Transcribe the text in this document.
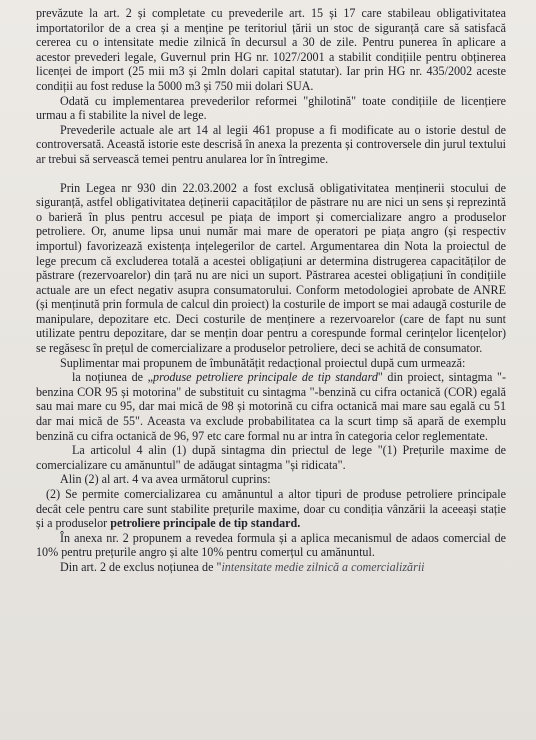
prevăzute la art. 2 și completate cu prevederile art. 15 și 17 care stabileau obligativitatea importatorilor de a crea și a menține pe teritoriul țării un stoc de siguranță care să satisfacă cererea cu o intensitate medie zilnică în decursul a 30 de zile. Pentru punerea în aplicare a acestor prevederi legale, Guvernul prin HG nr. 1027/2001 a stabilit condițiile pentru obținerea licenței de import (25 mii m3 și 2mln dolari capital statutar). Iar prin HG nr. 435/2002 aceste condiții au fost reduse la 5000 m3 și 750 mii dolari SUA.

Odată cu implementarea prevederilor reformei "ghilotină" toate condițiile de licențiere urmau a fi stabilite la nivel de lege.

Prevederile actuale ale art 14 al legii 461 propuse a fi modificate au o istorie destul de controversată. Această istorie este descrisă în anexa la prezenta și controversele din jurul textului ar trebui să servească temei pentru anularea lor în întregime.

Prin Legea nr 930 din 22.03.2002 a fost exclusă obligativitatea menținerii stocului de siguranță, astfel obligativitatea deținerii capacităților de păstrare nu are nici un sens și reprezintă o barieră în plus pentru accesul pe piața de import și comercializare angro a produselor petroliere. Or, anume lipsa unui număr mai mare de operatori pe piața angro (și respectiv importul) favorizează existența ințelegerilor de cartel. Argumentarea din Nota la proiectul de lege precum că excluderea totală a acestei obligațiuni ar determina distrugerea capacităților de păstrare (rezervoarelor) din țară nu are nici un suport. Păstrarea acestei obligațiuni în condițiile actuale are un efect negativ asupra consumatorului. Conform metodologiei aprobate de ANRE (și menținută prin formula de calcul din proiect) la costurile de import se mai adaugă costurile de manipulare, depozitare etc. Deci costurile de menținere a rezervoarelor (care de fapt nu sunt utilizate pentru depozitare, dar se mențin doar pentru a corespunde formal cerințelor licențelor) se regăsesc în prețul de comercializare a produselor petroliere, deci se achită de consumator.

Suplimentar mai propunem de îmbunătățit redacțional proiectul după cum urmează:

la noțiunea de „produse petroliere principale de tip standard" din proiect, sintagma "- benzina COR 95 și motorina" de substituit cu sintagma "-benzină cu cifra octanică (COR) egală sau mai mare cu 95, dar mai mică de 98 și motorină cu cifra octanică mai mare sau egală cu 51 dar mai mică de 55". Aceasta va exclude probabilitatea ca la scurt timp să apară de exemplu benzină cu cifra octanică de 96, 97 etc care formal nu ar intra în categoria celor reglementate.

La articolul 4 alin (1) după sintagma din priectul de lege "(1) Prețurile maxime de comercializare cu amănuntul" de adăugat sintagma "și ridicata".

Alin (2) al art. 4 va avea următorul cuprins:

(2) Se permite comercializarea cu amănuntul a altor tipuri de produse petroliere principale decât cele pentru care sunt stabilite prețurile maxime, doar cu condiția vânzării la aceeași stație și a produselor petroliere principale de tip standard.

În anexa nr. 2 propunem a revedea formula și a aplica mecanismul de adaos comercial de 10% pentru prețurile angro și alte 10% pentru comerțul cu amănuntul.

Din art. 2 de exclus noțiunea de "intensitate medie zilnică a comercializării
